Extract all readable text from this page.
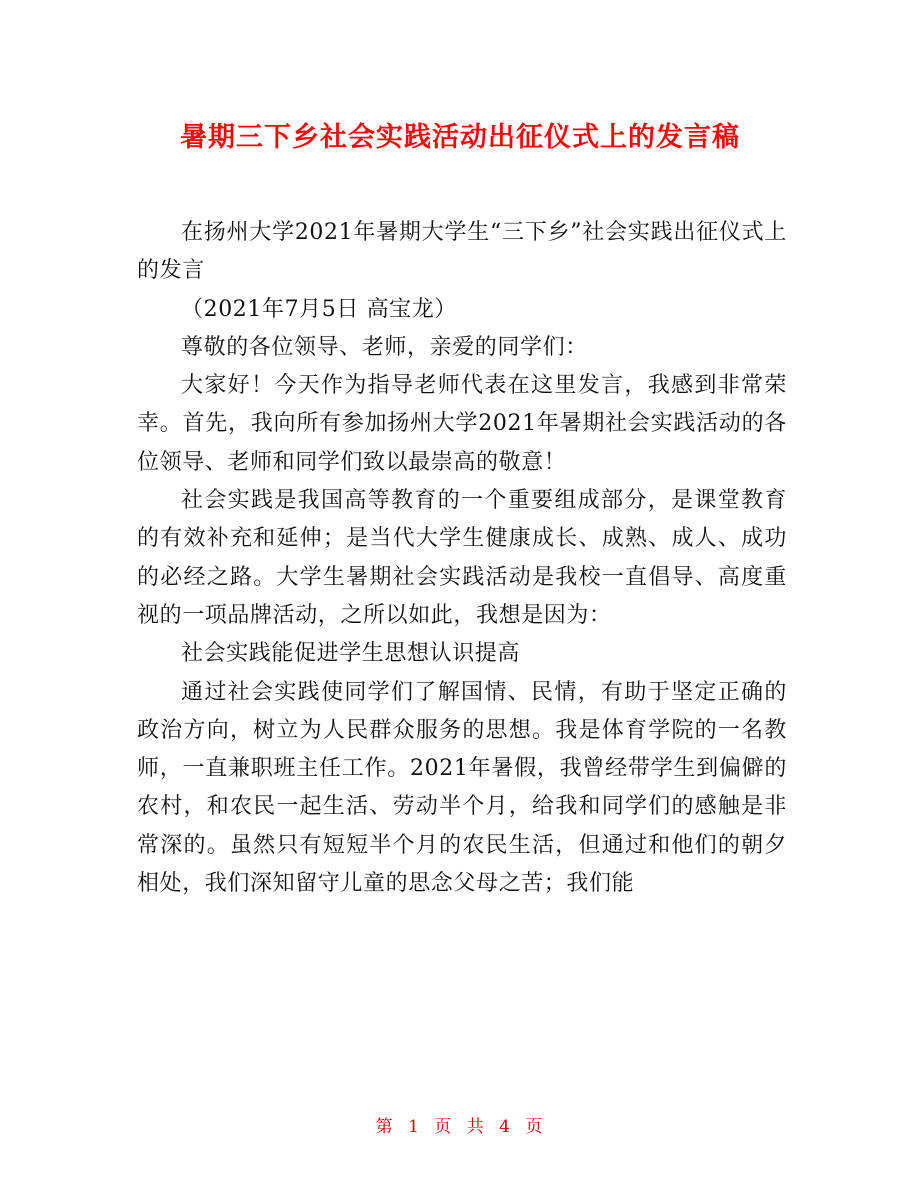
暑期三下乡社会实践活动出征仪式上的发言稿

在扬州大学2021年暑期大学生“三下乡”社会实践出征仪式上的发言

（2021年7月5日 高宝龙）

尊敬的各位领导、老师，亲爱的同学们：

大家好！今天作为指导老师代表在这里发言，我感到非常荣幸。首先，我向所有参加扬州大学2021年暑期社会实践活动的各位领导、老师和同学们致以最崇高的敬意！

社会实践是我国高等教育的一个重要组成部分，是课堂教育的有效补充和延伸；是当代大学生健康成长、成熟、成人、成功的必经之路。大学生暑期社会实践活动是我校一直倡导、高度重视的一项品牌活动，之所以如此，我想是因为：

社会实践能促进学生思想认识提高

通过社会实践使同学们了解国情、民情，有助于坚定正确的政治方向，树立为人民群众服务的思想。我是体育学院的一名教师，一直兼职班主任工作。2021年暑假，我曾经带学生到偏僻的农村，和农民一起生活、劳动半个月，给我和同学们的感触是非常深的。虽然只有短短半个月的农民生活，但通过和他们的朝夕相处，我们深知留守儿童的思念父母之苦；我们能

第 1 页 共 4 页
